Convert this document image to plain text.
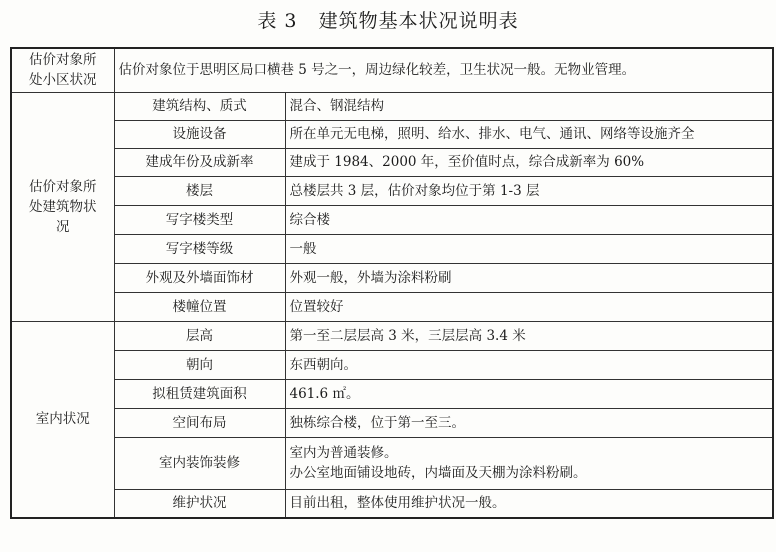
表 3   建筑物基本状况说明表
估价对象所
处小区状况	估价对象位于思明区局口横巷 5 号之一，周边绿化较差，卫生状况一般。无物业管理。	

估价对象所
处建筑物状
况	建筑结构、质式	混合、钢混结构
	设施设备	所在单元无电梯，照明、给水、排水、电气、通讯、网络等设施齐全
	建成年份及成新率	建成于 1984、2000 年，至价值时点，综合成新率为 60%
	楼层	总楼层共 3 层，估价对象均位于第 1-3 层
	写字楼类型	综合楼
	写字楼等级	一般
	外观及外墙面饰材	外观一般，外墙为涂料粉刷
	楼幢位置	位置较好
室内状况	层高	第一至二层层高 3 米，三层层高 3.4 米
	朝向	东西朝向。
	拟租赁建筑面积	461.6 ㎡。
	空间布局	独栋综合楼，位于第一至三。
	室内装饰装修	室内为普通装修。
办公室地面铺设地砖，内墙面及天棚为涂料粉刷。

	维护状况	目前出租，整体使用维护状况一般。
